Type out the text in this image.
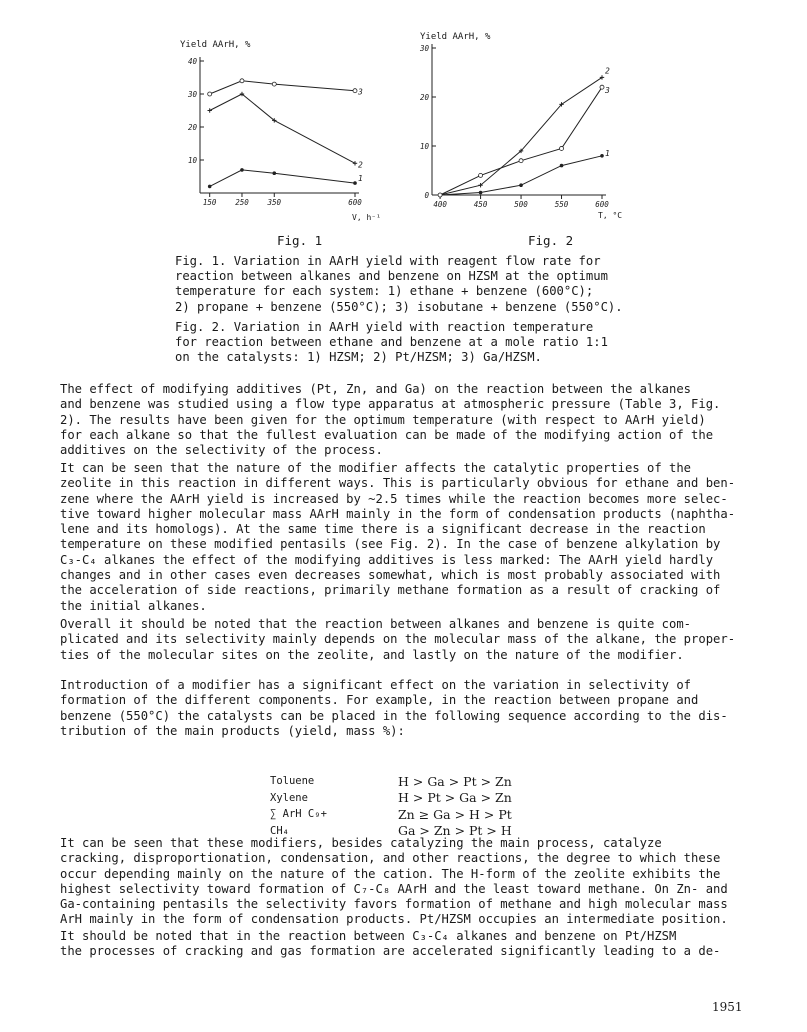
Yield AArH, %
V, h⁻¹
150 250 350	600
10
20
30
40
1
2
3
Yield AArH, %
T, °C
400	450	500	550	600
0
10
20
30
1
2
3
Fig. 1	Fig. 2

Fig. 1. Variation in AArH yield with reagent flow rate for
reaction between alkanes and benzene on HZSM at the optimum
temperature for each system: 1) ethane + benzene (600°C);
2) propane + benzene (550°C); 3) isobutane + benzene (550°C).

Fig. 2. Variation in AArH yield with reaction temperature
for reaction between ethane and benzene at a mole ratio 1:1
on the catalysts: 1) HZSM; 2) Pt/HZSM; 3) Ga/HZSM.

The effect of modifying additives (Pt, Zn, and Ga) on the reaction between the alkanes
and benzene was studied using a flow type apparatus at atmospheric pressure (Table 3, Fig.
2). The results have been given for the optimum temperature (with respect to AArH yield)
for each alkane so that the fullest evaluation can be made of the modifying action of the
additives on the selectivity of the process.

It can be seen that the nature of the modifier affects the catalytic properties of the
zeolite in this reaction in different ways. This is particularly obvious for ethane and ben-
zene where the AArH yield is increased by ~2.5 times while the reaction becomes more selec-
tive toward higher molecular mass AArH mainly in the form of condensation products (naphtha-
lene and its homologs). At the same time there is a significant decrease in the reaction
temperature on these modified pentasils (see Fig. 2). In the case of benzene alkylation by
C₃-C₄ alkanes the effect of the modifying additives is less marked: The AArH yield hardly
changes and in other cases even decreases somewhat, which is most probably associated with
the acceleration of side reactions, primarily methane formation as a result of cracking of
the initial alkanes.

Overall it should be noted that the reaction between alkanes and benzene is quite com-
plicated and its selectivity mainly depends on the molecular mass of the alkane, the proper-
ties of the molecular sites on the zeolite, and lastly on the nature of the modifier.

Introduction of a modifier has a significant effect on the variation in selectivity of
formation of the different components. For example, in the reaction between propane and
benzene (550°C) the catalysts can be placed in the following sequence according to the dis-
tribution of the main products (yield, mass %):

Toluene	H > Ga > Pt > Zn
Xylene	H > Pt > Ga > Zn
∑ ArH C₉+	Zn ≥ Ga > H > Pt
CH₄	Ga > Zn > Pt > H

It can be seen that these modifiers, besides catalyzing the main process, catalyze
cracking, disproportionation, condensation, and other reactions, the degree to which these
occur depending mainly on the nature of the cation. The H-form of the zeolite exhibits the
highest selectivity toward formation of C₇-C₈ AArH and the least toward methane. On Zn- and
Ga-containing pentasils the selectivity favors formation of methane and high molecular mass
ArH mainly in the form of condensation products. Pt/HZSM occupies an intermediate position.

It should be noted that in the reaction between C₃-C₄ alkanes and benzene on Pt/HZSM
the processes of cracking and gas formation are accelerated significantly leading to a de-

1951
